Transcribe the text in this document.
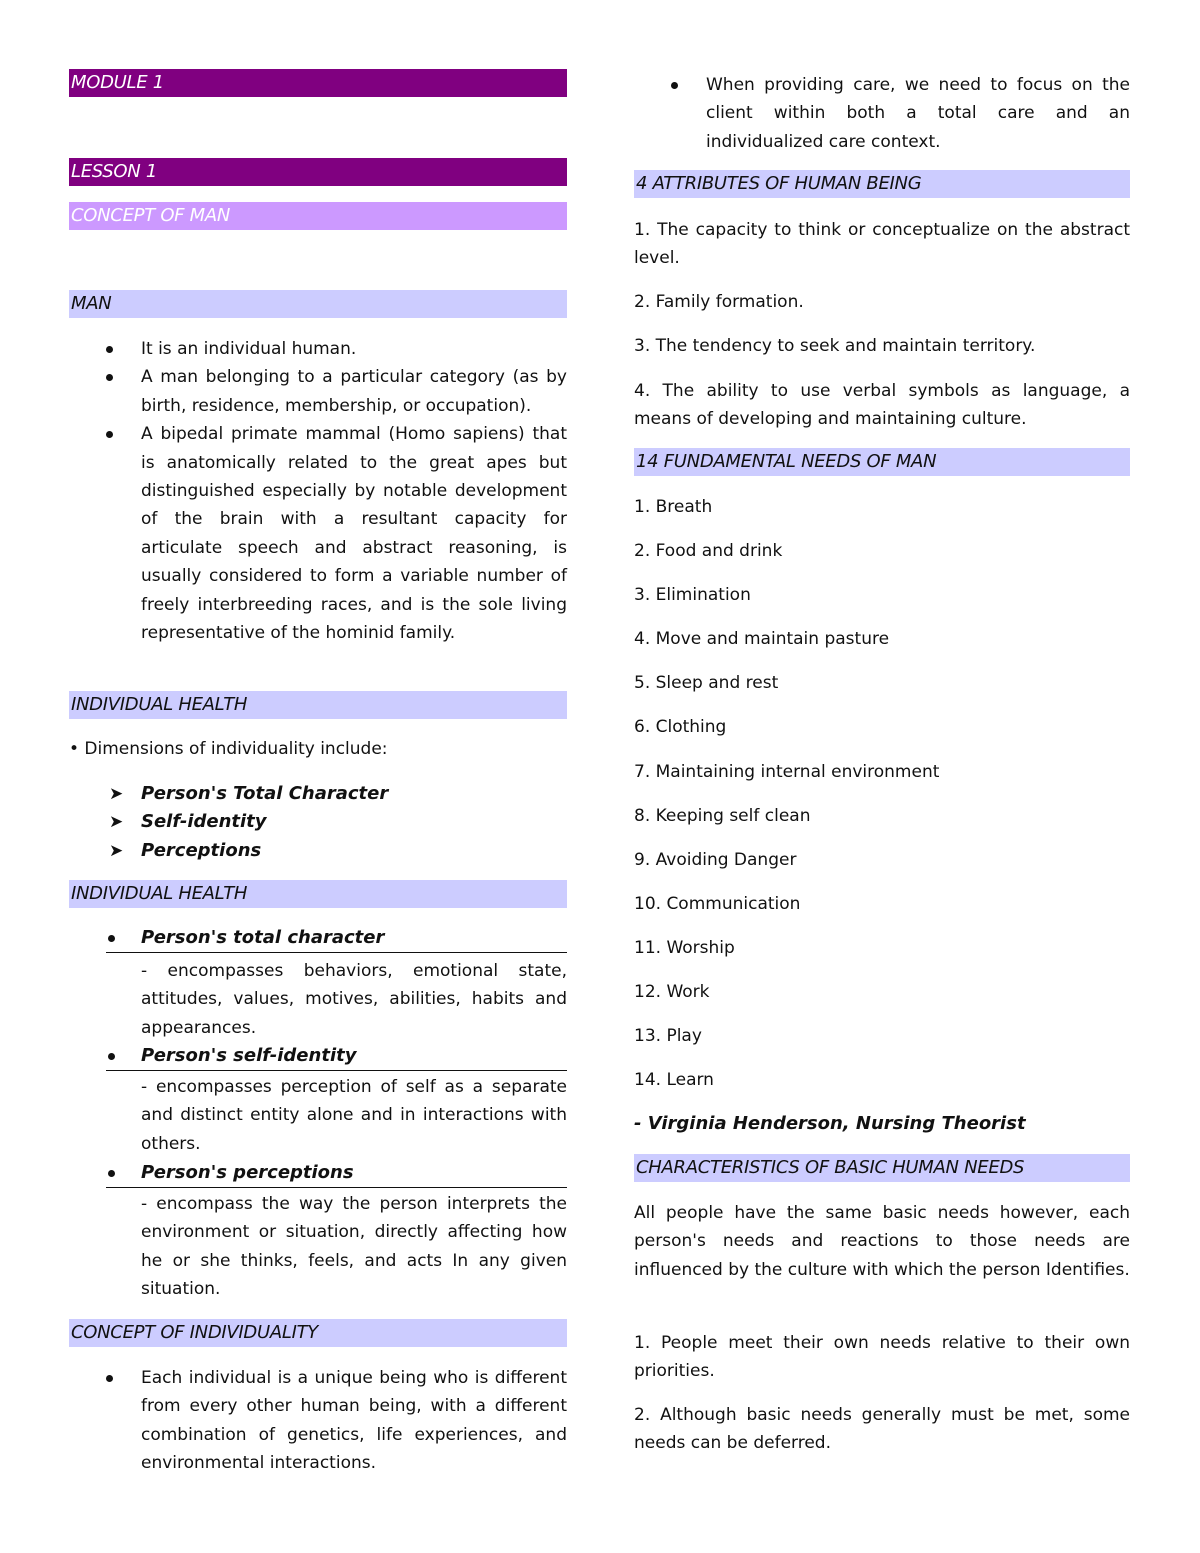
MODULE 1
LESSON 1
CONCEPT OF MAN
MAN
It is an individual human.
A man belonging to a particular category (as by birth, residence, membership, or occupation).
A bipedal primate mammal (Homo sapiens) that is anatomically related to the great apes but distinguished especially by notable development of the brain with a resultant capacity for articulate speech and abstract reasoning, is usually considered to form a variable number of freely interbreeding races, and is the sole living representative of the hominid family.
INDIVIDUAL HEALTH
• Dimensions of individuality include:
➤ Person's Total Character
➤ Self-identity
➤ Perceptions
INDIVIDUAL HEALTH
Person's total character
- encompasses behaviors, emotional state, attitudes, values, motives, abilities, habits and appearances.
Person's self-identity
- encompasses perception of self as a separate and distinct entity alone and in interactions with others.
Person's perceptions
- encompass the way the person interprets the environment or situation, directly affecting how he or she thinks, feels, and acts In any given situation.
CONCEPT OF INDIVIDUALITY
Each individual is a unique being who is different from every other human being, with a different combination of genetics, life experiences, and environmental interactions.
When providing care, we need to focus on the client within both a total care and an individualized care context.
4 ATTRIBUTES OF HUMAN BEING
1. The capacity to think or conceptualize on the abstract level.
2. Family formation.
3. The tendency to seek and maintain territory.
4. The ability to use verbal symbols as language, a means of developing and maintaining culture.
14 FUNDAMENTAL NEEDS OF MAN
1. Breath
2. Food and drink
3. Elimination
4. Move and maintain pasture
5. Sleep and rest
6. Clothing
7. Maintaining internal environment
8. Keeping self clean
9. Avoiding Danger
10. Communication
11. Worship
12. Work
13. Play
14. Learn
- Virginia Henderson, Nursing Theorist
CHARACTERISTICS OF BASIC HUMAN NEEDS
All people have the same basic needs however, each person's needs and reactions to those needs are influenced by the culture with which the person Identifies.
1. People meet their own needs relative to their own priorities.
2. Although basic needs generally must be met, some needs can be deferred.
